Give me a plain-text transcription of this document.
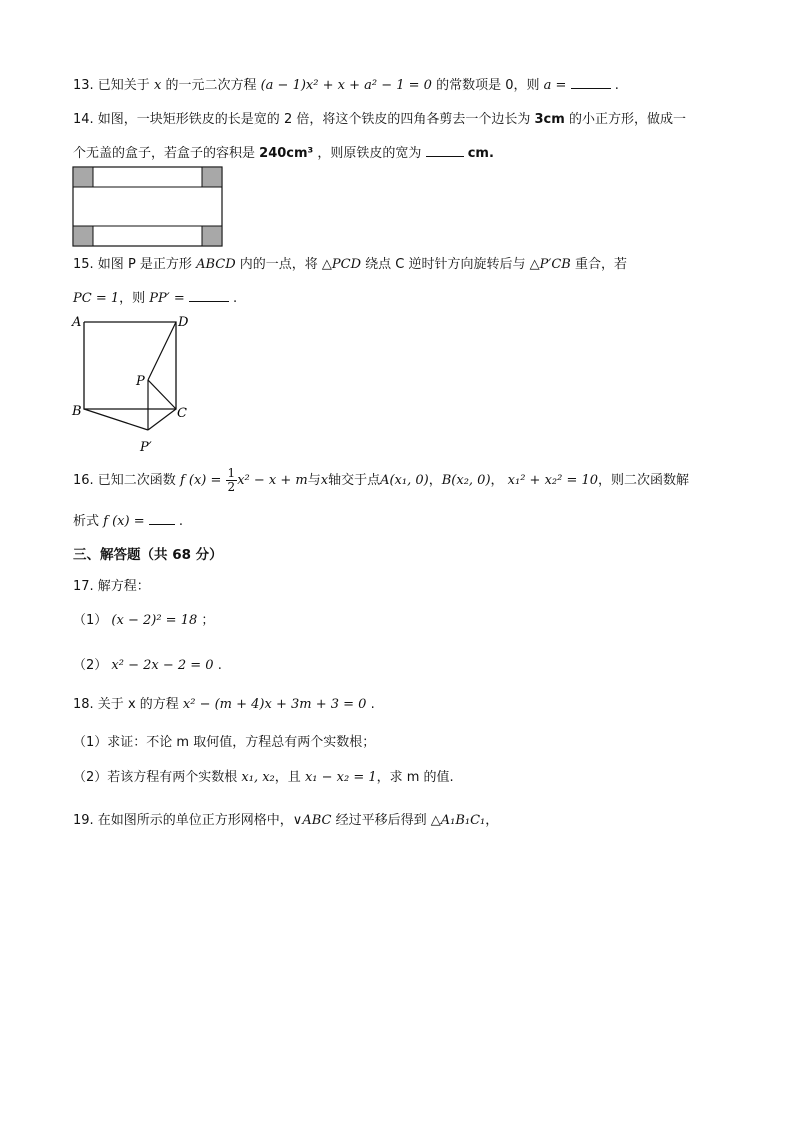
13. 已知关于 x 的一元二次方程 (a − 1)x² + x + a² − 1 = 0 的常数项是 0，则 a =	.
14. 如图，一块矩形铁皮的长是宽的 2 倍，将这个铁皮的四角各剪去一个边长为 3cm 的小正方形，做成一
个无盖的盒子，若盒子的容积是 240cm³ ，则原铁皮的宽为	cm.
15. 如图 P 是正方形 ABCD 内的一点，将 △PCD 绕点 C 逆时针方向旋转后与 △P′CB 重合，若
PC = 1，则 PP′ =	.
A	D
P
B	C
P′
16. 已知二次函数 f $(x) = \frac{1}{2} x^2 - x + m$与x轴交于点A(x₁, 0)，B(x₂, 0)， x₁² + x₂² = 10，则二次函数解
析式 f (x) =	.
三、解答题（共 68 分）
17. 解方程：
（1） (x − 2)² = 18 ；
（2） x² − 2x − 2 = 0 .
18. 关于 x 的方程 x² − (m + 4)x + 3m + 3 = 0 .
（1）求证：不论 m 取何值，方程总有两个实数根；
（2）若该方程有两个实数根 x₁, x₂，且 x₁ − x₂ = 1，求 m 的值.
19. 在如图所示的单位正方形网格中，∨ABC 经过平移后得到 △A₁B₁C₁，
